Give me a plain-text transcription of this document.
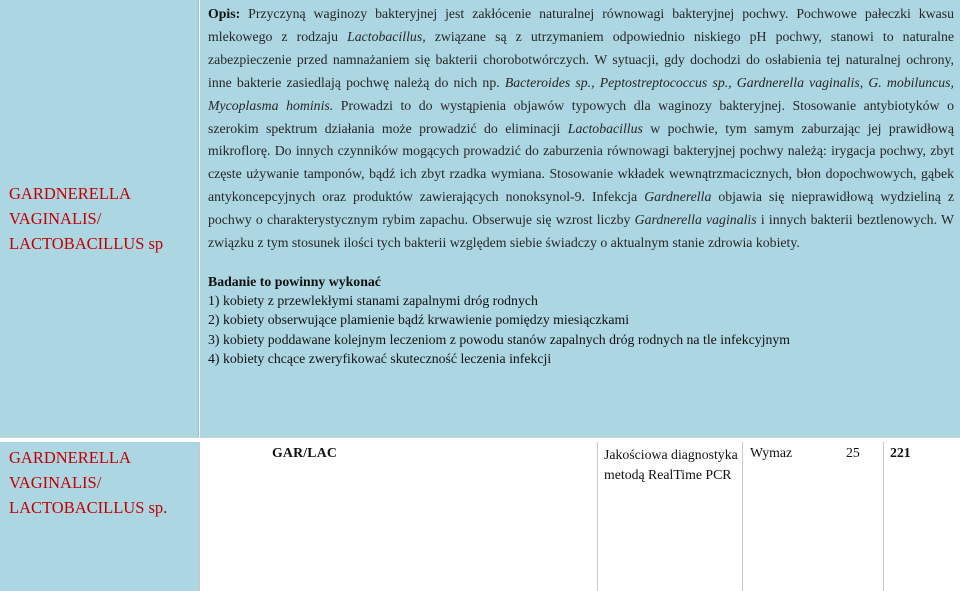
GARDNERELLA VAGINALIS/ LACTOBACILLUS sp

Opis: Przyczyną waginozy bakteryjnej jest zakłócenie naturalnej równowagi bakteryjnej pochwy. Pochwowe pałeczki kwasu mlekowego z rodzaju Lactobacillus, związane są z utrzymaniem odpowiednio niskiego pH pochwy, stanowi to naturalne zabezpieczenie przed namnażaniem się bakterii chorobotwórczych. W sytuacji, gdy dochodzi do osłabienia tej naturalnej ochrony, inne bakterie zasiedlają pochwę należą do nich np. Bacteroides sp., Peptostreptococcus sp., Gardnerella vaginalis, G. mobiluncus, Mycoplasma hominis. Prowadzi to do wystąpienia objawów typowych dla waginozy bakteryjnej. Stosowanie antybiotyków o szerokim spektrum działania może prowadzić do eliminacji Lactobacillus w pochwie, tym samym zaburzając jej prawidłową mikroflorę. Do innych czynników mogących prowadzić do zaburzenia równowagi bakteryjnej pochwy należą: irygacja pochwy, zbyt częste używanie tamponów, bądź ich zbyt rzadka wymiana. Stosowanie wkładek wewnątrzmacicznych, błon dopochwowych, gąbek antykoncepcyjnych oraz produktów zawierających nonoksynol-9. Infekcja Gardnerella objawia się nieprawidłową wydzieliną z pochwy o charakterystycznym rybim zapachu. Obserwuje się wzrost liczby Gardnerella vaginalis i innych bakterii beztlenowych. W związku z tym stosunek ilości tych bakterii względem siebie świadczy o aktualnym stanie zdrowia kobiety.

Badanie to powinny wykonać
1) kobiety z przewlekłymi stanami zapalnymi dróg rodnych
2) kobiety obserwujące plamienie bądź krwawienie pomiędzy miesiączkami
3) kobiety poddawane kolejnym leczeniom z powodu stanów zapalnych dróg rodnych na tle infekcyjnym
4) kobiety chcące zweryfikować skuteczność leczenia infekcji
GARDNERELLA VAGINALIS/ LACTOBACILLUS sp.
GAR/LAC	Jakościowa diagnostyka metodą RealTime PCR
Wymaz	25 221
